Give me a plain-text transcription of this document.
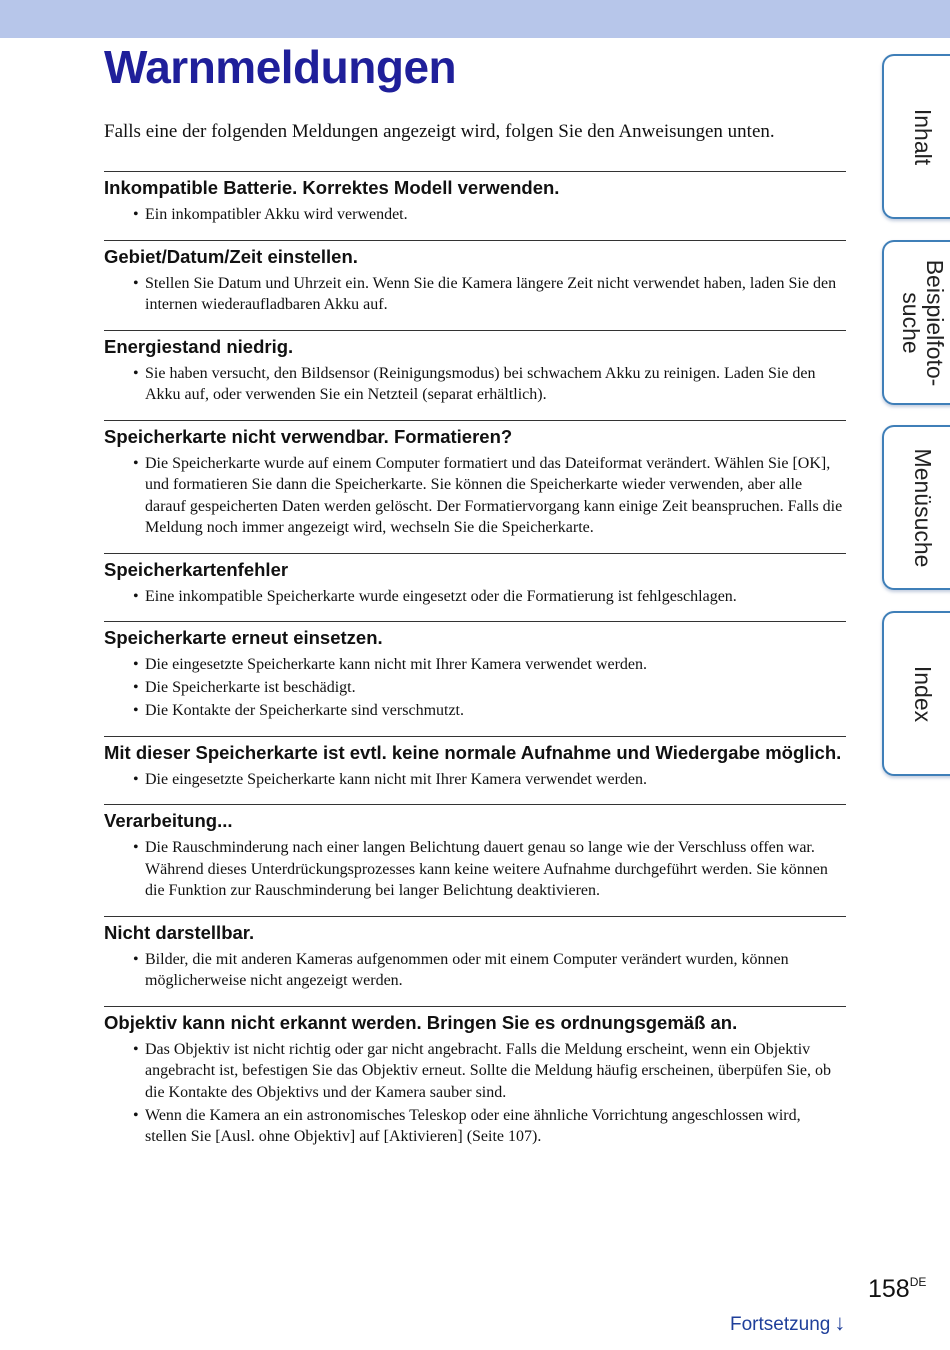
Warnmeldungen

Falls eine der folgenden Meldungen angezeigt wird, folgen Sie den Anweisungen unten.

Inkompatible Batterie. Korrektes Modell verwenden.
• Ein inkompatibler Akku wird verwendet.
Gebiet/Datum/Zeit einstellen.
• Stellen Sie Datum und Uhrzeit ein. Wenn Sie die Kamera längere Zeit nicht verwendet haben, laden Sie den internen wiederaufladbaren Akku auf.
Energiestand niedrig.
• Sie haben versucht, den Bildsensor (Reinigungsmodus) bei schwachem Akku zu reinigen. Laden Sie den Akku auf, oder verwenden Sie ein Netzteil (separat erhältlich).
Speicherkarte nicht verwendbar. Formatieren?
• Die Speicherkarte wurde auf einem Computer formatiert und das Dateiformat verändert. Wählen Sie [OK], und formatieren Sie dann die Speicherkarte. Sie können die Speicherkarte wieder verwenden, aber alle darauf gespeicherten Daten werden gelöscht. Der Formatiervorgang kann einige Zeit beanspruchen. Falls die Meldung noch immer angezeigt wird, wechseln Sie die Speicherkarte.
Speicherkartenfehler
• Eine inkompatible Speicherkarte wurde eingesetzt oder die Formatierung ist fehlgeschlagen.
Speicherkarte erneut einsetzen.
• Die eingesetzte Speicherkarte kann nicht mit Ihrer Kamera verwendet werden.
• Die Speicherkarte ist beschädigt.
• Die Kontakte der Speicherkarte sind verschmutzt.
Mit dieser Speicherkarte ist evtl. keine normale Aufnahme und Wiedergabe möglich.
• Die eingesetzte Speicherkarte kann nicht mit Ihrer Kamera verwendet werden.
Verarbeitung...
• Die Rauschminderung nach einer langen Belichtung dauert genau so lange wie der Verschluss offen war. Während dieses Unterdrückungsprozesses kann keine weitere Aufnahme durchgeführt werden. Sie können die Funktion zur Rauschminderung bei langer Belichtung deaktivieren.
Nicht darstellbar.
• Bilder, die mit anderen Kameras aufgenommen oder mit einem Computer verändert wurden, können möglicherweise nicht angezeigt werden.
Objektiv kann nicht erkannt werden. Bringen Sie es ordnungsgemäß an.
• Das Objektiv ist nicht richtig oder gar nicht angebracht. Falls die Meldung erscheint, wenn ein Objektiv angebracht ist, befestigen Sie das Objektiv erneut. Sollte die Meldung häufig erscheinen, überpüfen Sie, ob die Kontakte des Objektivs und der Kamera sauber sind.
• Wenn die Kamera an ein astronomisches Teleskop oder eine ähnliche Vorrichtung angeschlossen wird, stellen Sie [Ausl. ohne Objektiv] auf [Aktivieren] (Seite 107).
Inhalt
Beispielfoto-
suche
Menüsuche
Index
158DE
Fortsetzung ↓
